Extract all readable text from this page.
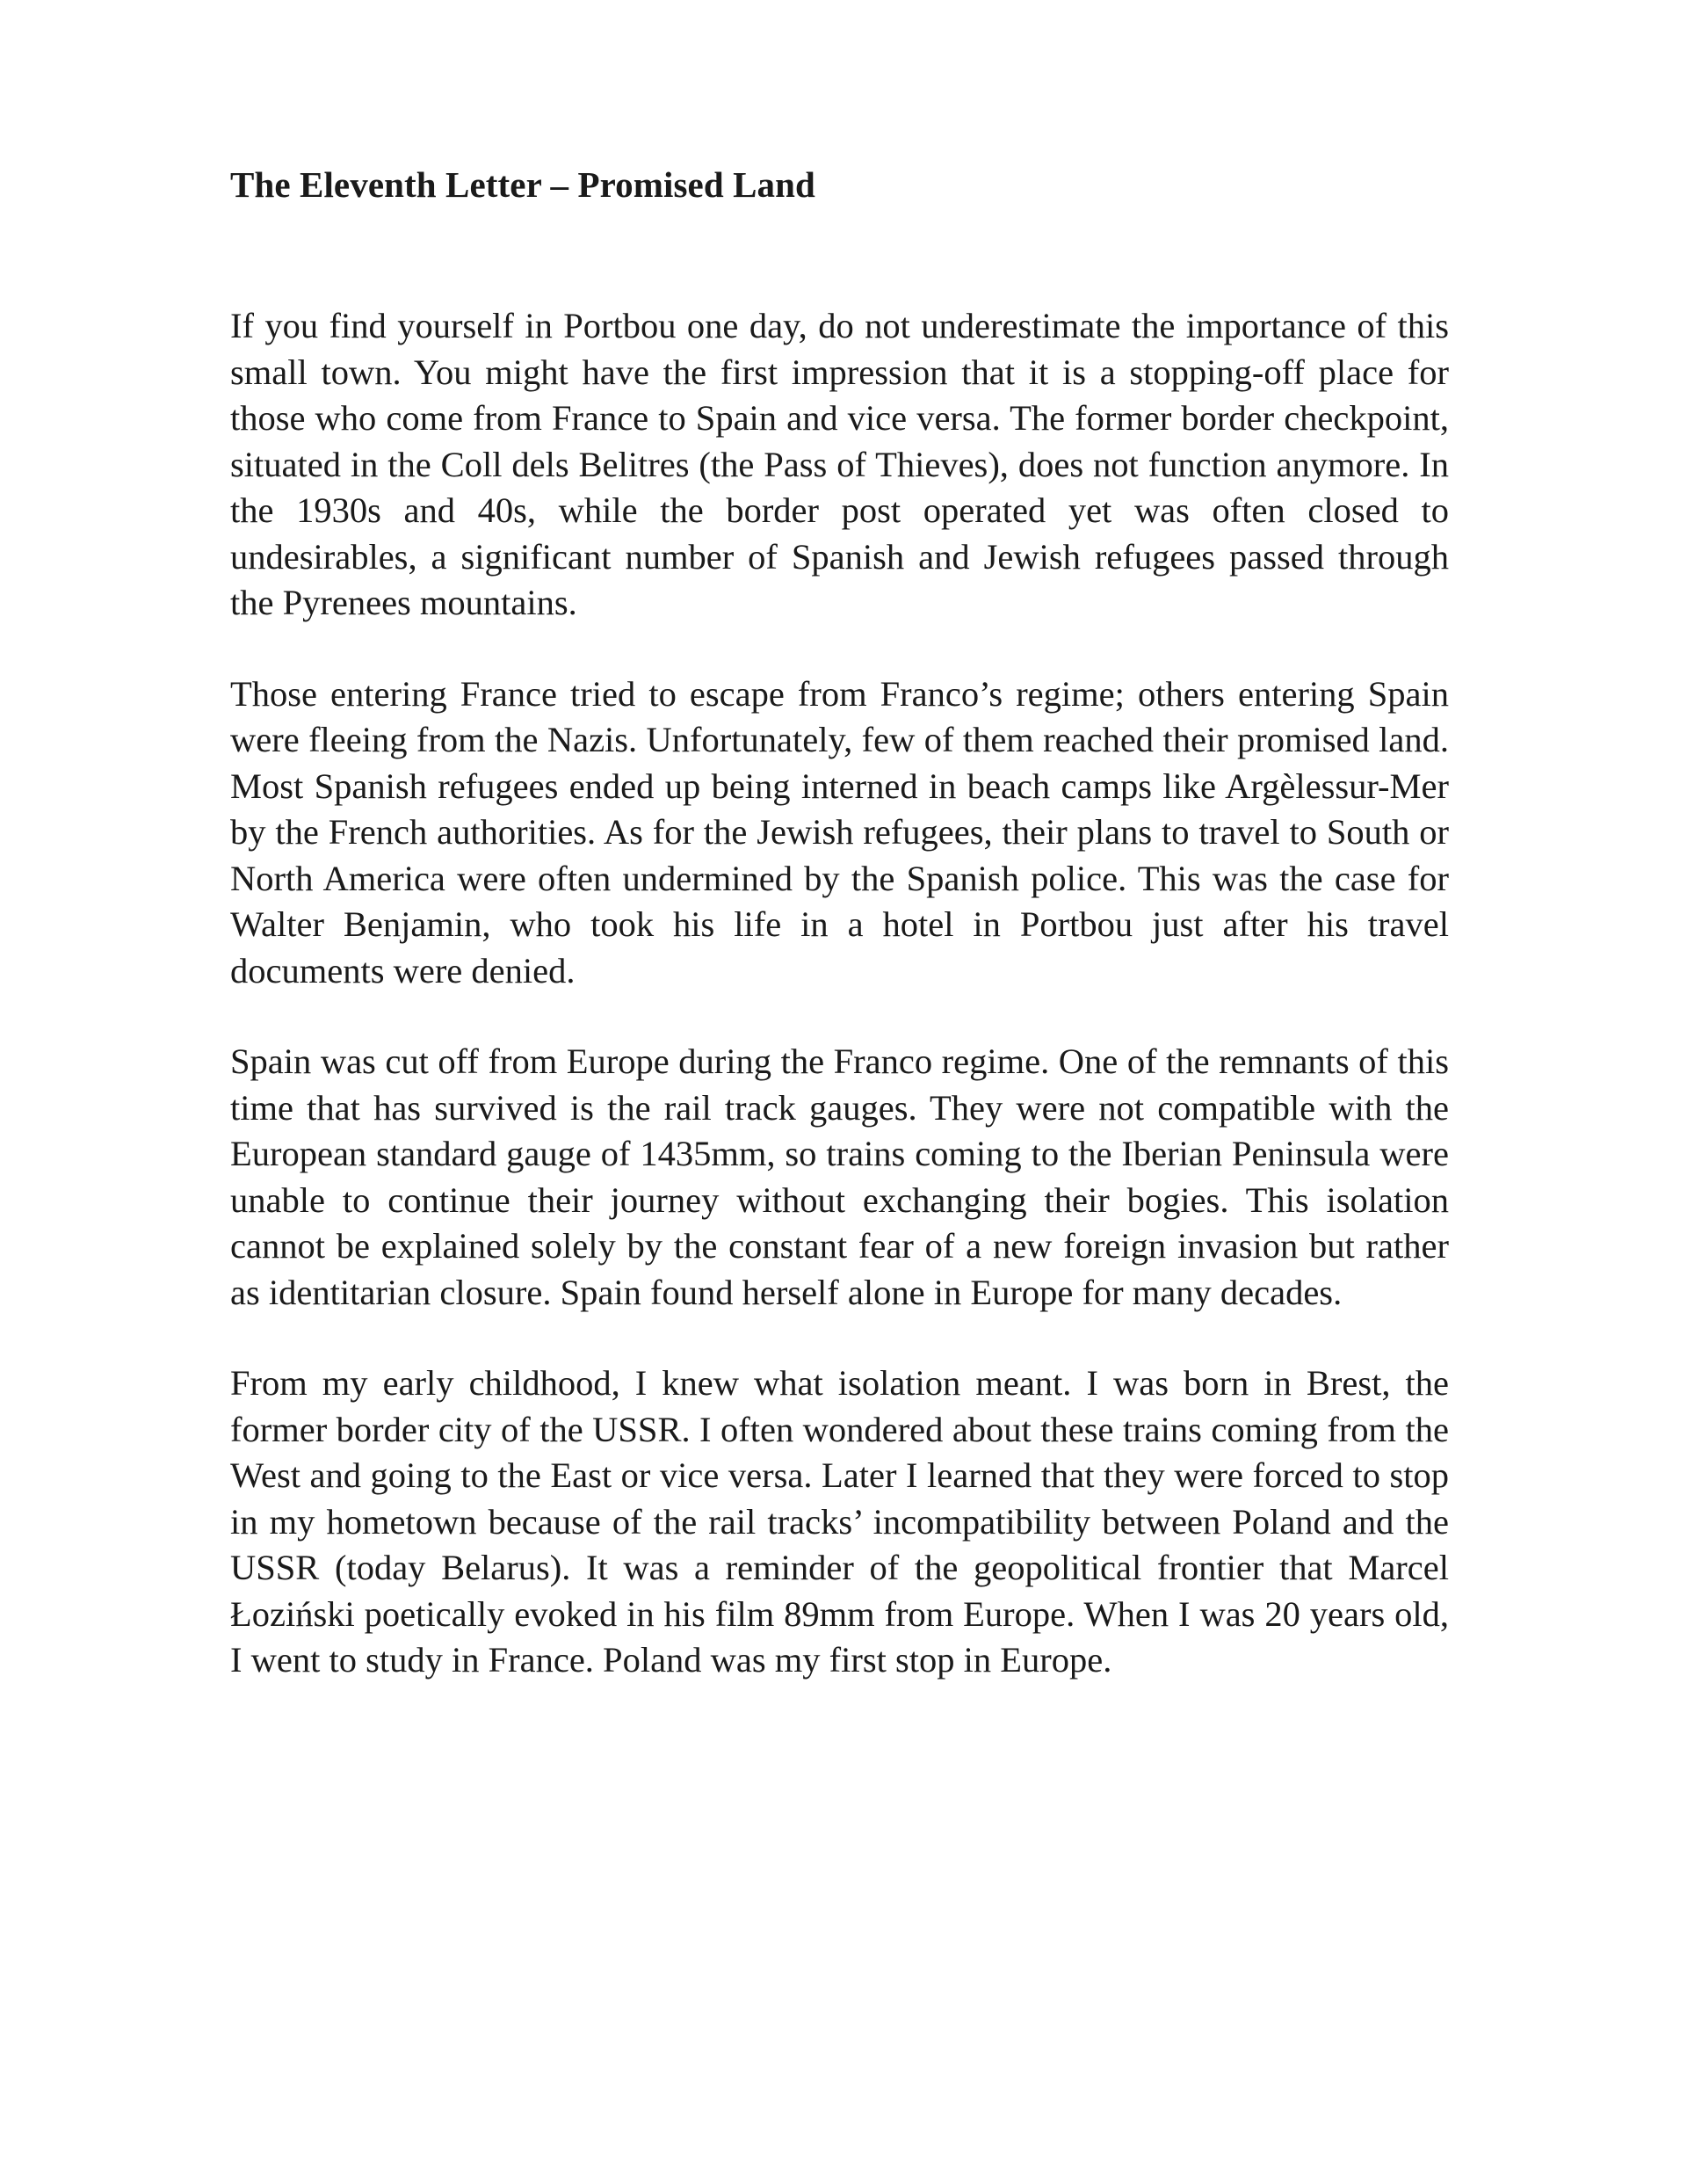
The Eleventh Letter – Promised Land

If you find yourself in Portbou one day, do not underestimate the importance of this small town. You might have the first impression that it is a stopping-off place for those who come from France to Spain and vice versa. The former border checkpoint, situated in the Coll dels Belitres (the Pass of Thieves), does not function anymore. In the 1930s and 40s, while the border post operated yet was often closed to undesirables, a significant number of Spanish and Jewish refugees passed through the Pyrenees mountains.

Those entering France tried to escape from Franco’s regime; others entering Spain were fleeing from the Nazis. Unfortunately, few of them reached their promised land. Most Spanish refugees ended up being interned in beach camps like Argèlessur-Mer by the French authorities. As for the Jewish refugees, their plans to travel to South or North America were often undermined by the Spanish police. This was the case for Walter Benjamin, who took his life in a hotel in Portbou just after his travel documents were denied.

Spain was cut off from Europe during the Franco regime. One of the remnants of this time that has survived is the rail track gauges. They were not compatible with the European standard gauge of 1435mm, so trains coming to the Iberian Peninsula were unable to continue their journey without exchanging their bogies. This isolation cannot be explained solely by the constant fear of a new foreign invasion but rather as identitarian closure. Spain found herself alone in Europe for many decades.

From my early childhood, I knew what isolation meant. I was born in Brest, the former border city of the USSR. I often wondered about these trains coming from the West and going to the East or vice versa. Later I learned that they were forced to stop in my hometown because of the rail tracks’ incompatibility between Poland and the USSR (today Belarus). It was a reminder of the geopolitical frontier that Marcel Łoziński poetically evoked in his film 89mm from Europe. When I was 20 years old, I went to study in France. Poland was my first stop in Europe.
